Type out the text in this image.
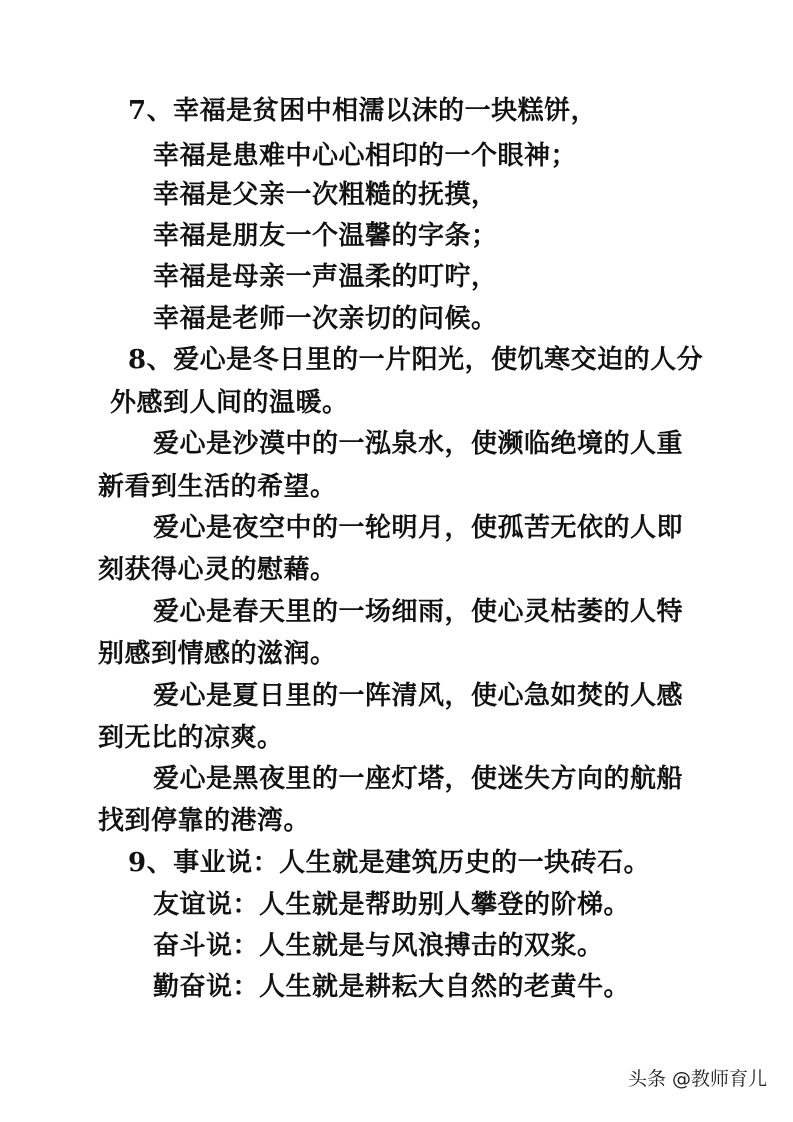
7、幸福是贫困中相濡以沫的一块糕饼，
幸福是患难中心心相印的一个眼神；
幸福是父亲一次粗糙的抚摸，
幸福是朋友一个温馨的字条；
幸福是母亲一声温柔的叮咛，
幸福是老师一次亲切的问候。
8、爱心是冬日里的一片阳光，使饥寒交迫的人分
外感到人间的温暖。
爱心是沙漠中的一泓泉水，使濒临绝境的人重
新看到生活的希望。
爱心是夜空中的一轮明月，使孤苦无依的人即
刻获得心灵的慰藉。
爱心是春天里的一场细雨，使心灵枯萎的人特
别感到情感的滋润。
爱心是夏日里的一阵清风，使心急如焚的人感
到无比的凉爽。
爱心是黑夜里的一座灯塔，使迷失方向的航船
找到停靠的港湾。
9、事业说：人生就是建筑历史的一块砖石。
友谊说：人生就是帮助别人攀登的阶梯。
奋斗说：人生就是与风浪搏击的双浆。
勤奋说：人生就是耕耘大自然的老黄牛。
头条 @教师育儿
